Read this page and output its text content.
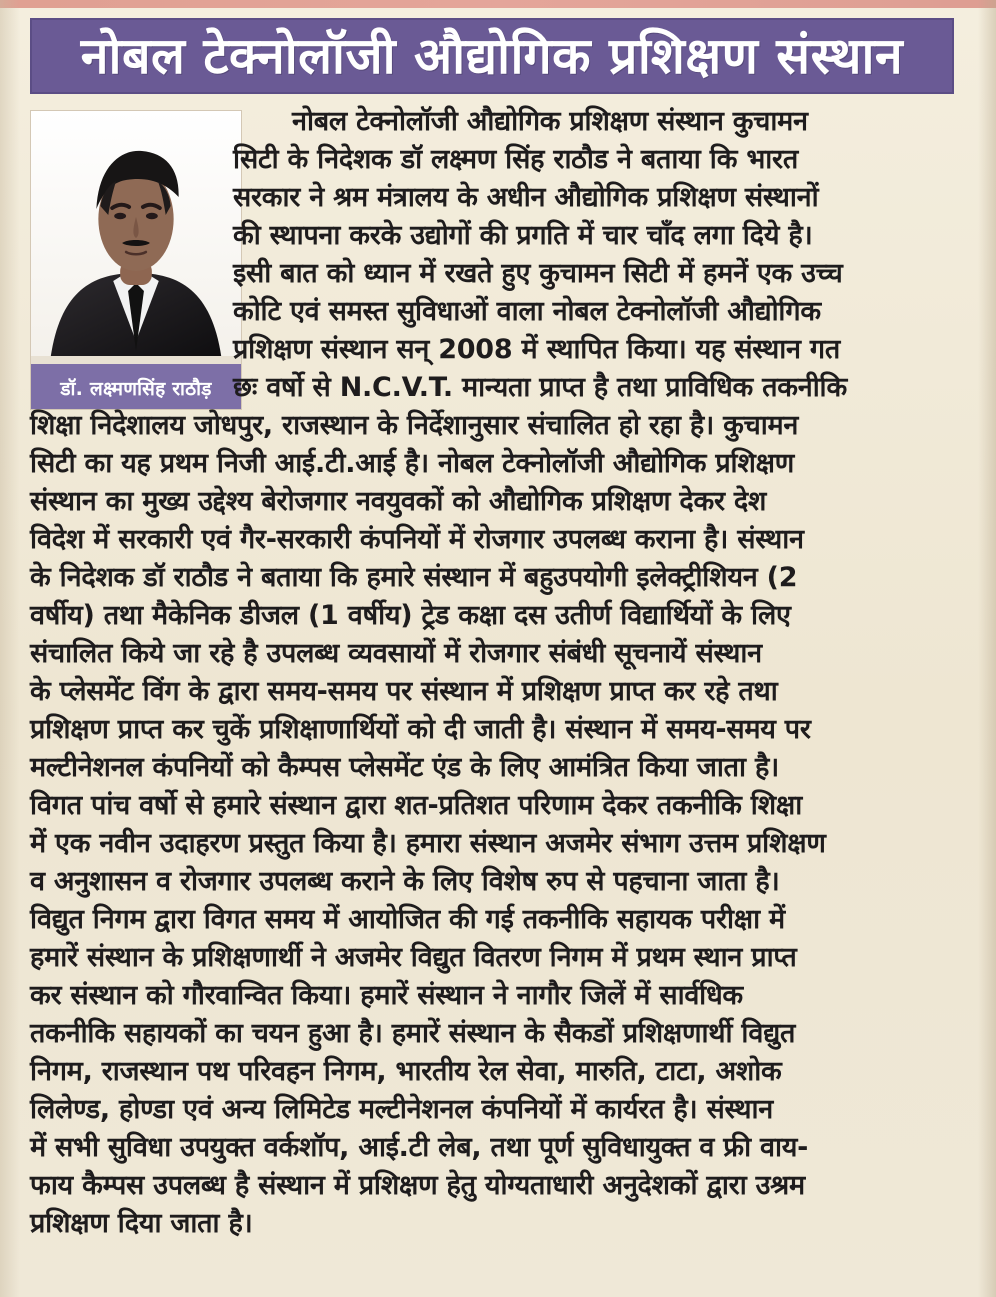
नोबल टेक्नोलॉजी औद्योगिक प्रशिक्षण संस्थान
डॉ. लक्ष्मणसिंह राठौड़
नोबल टेक्नोलॉजी औद्योगिक प्रशिक्षण संस्थान कुचामन
सिटी के निदेशक डॉ लक्ष्मण सिंह राठौड ने बताया कि भारत
सरकार ने श्रम मंत्रालय के अधीन औद्योगिक प्रशिक्षण संस्थानों
की स्थापना करके उद्योगों की प्रगति में चार चाँद लगा दिये है।
इसी बात को ध्यान में रखते हुए कुचामन सिटी में हमनें एक उच्च
कोटि एवं समस्त सुविधाओं वाला नोबल टेक्नोलॉजी औद्योगिक
प्रशिक्षण संस्थान सन् 2008 में स्थापित किया। यह संस्थान गत
छः वर्षो से N.C.V.T. मान्यता प्राप्त है तथा प्राविधिक तकनीकि
शिक्षा निदेशालय जोधपुर, राजस्थान के निर्देशानुसार संचालित हो रहा है। कुचामन
सिटी का यह प्रथम निजी आई.टी.आई है। नोबल टेक्नोलॉजी औद्योगिक प्रशिक्षण
संस्थान का मुख्य उद्देश्य बेरोजगार नवयुवकों को औद्योगिक प्रशिक्षण देकर देश
विदेश में सरकारी एवं गैर-सरकारी कंपनियों में रोजगार उपलब्ध कराना है। संस्थान
के निदेशक डॉ राठौड ने बताया कि हमारे संस्थान में बहुउपयोगी इलेक्ट्रीशियन (2
वर्षीय) तथा मैकेनिक डीजल (1 वर्षीय) ट्रेड कक्षा दस उतीर्ण विद्यार्थियों के लिए
संचालित किये जा रहे है उपलब्ध व्यवसायों में रोजगार संबंधी सूचनायें संस्थान
के प्लेसमेंट विंग के द्वारा समय-समय पर संस्थान में प्रशिक्षण प्राप्त कर रहे तथा
प्रशिक्षण प्राप्त कर चुकें प्रशिक्षाणार्थियों को दी जाती है। संस्थान में समय-समय पर
मल्टीनेशनल कंपनियों को कैम्पस प्लेसमेंट एंड के लिए आमंत्रित किया जाता है।
विगत पांच वर्षो से हमारे संस्थान द्वारा शत-प्रतिशत परिणाम देकर तकनीकि शिक्षा
में एक नवीन उदाहरण प्रस्तुत किया है। हमारा संस्थान अजमेर संभाग उत्तम प्रशिक्षण
व अनुशासन व रोजगार उपलब्ध कराने के लिए विशेष रुप से पहचाना जाता है।
विद्युत निगम द्वारा विगत समय में आयोजित की गई तकनीकि सहायक परीक्षा में
हमारें संस्थान के प्रशिक्षणार्थी ने अजमेर विद्युत वितरण निगम में प्रथम स्थान प्राप्त
कर संस्थान को गौरवान्वित किया। हमारें संस्थान ने नागौर जिलें में सार्वधिक
तकनीकि सहायकों का चयन हुआ है। हमारें संस्थान के सैकडों प्रशिक्षणार्थी विद्युत
निगम, राजस्थान पथ परिवहन निगम, भारतीय रेल सेवा, मारुति, टाटा, अशोक
लिलेण्ड, होण्डा एवं अन्य लिमिटेड मल्टीनेशनल कंपनियों में कार्यरत है। संस्थान
में सभी सुविधा उपयुक्त वर्कशॉप, आई.टी लेब, तथा पूर्ण सुविधायुक्त व फ्री वाय-
फाय कैम्पस उपलब्ध है संस्थान में प्रशिक्षण हेतु योग्यताधारी अनुदेशकों द्वारा उश्रम
प्रशिक्षण दिया जाता है।
